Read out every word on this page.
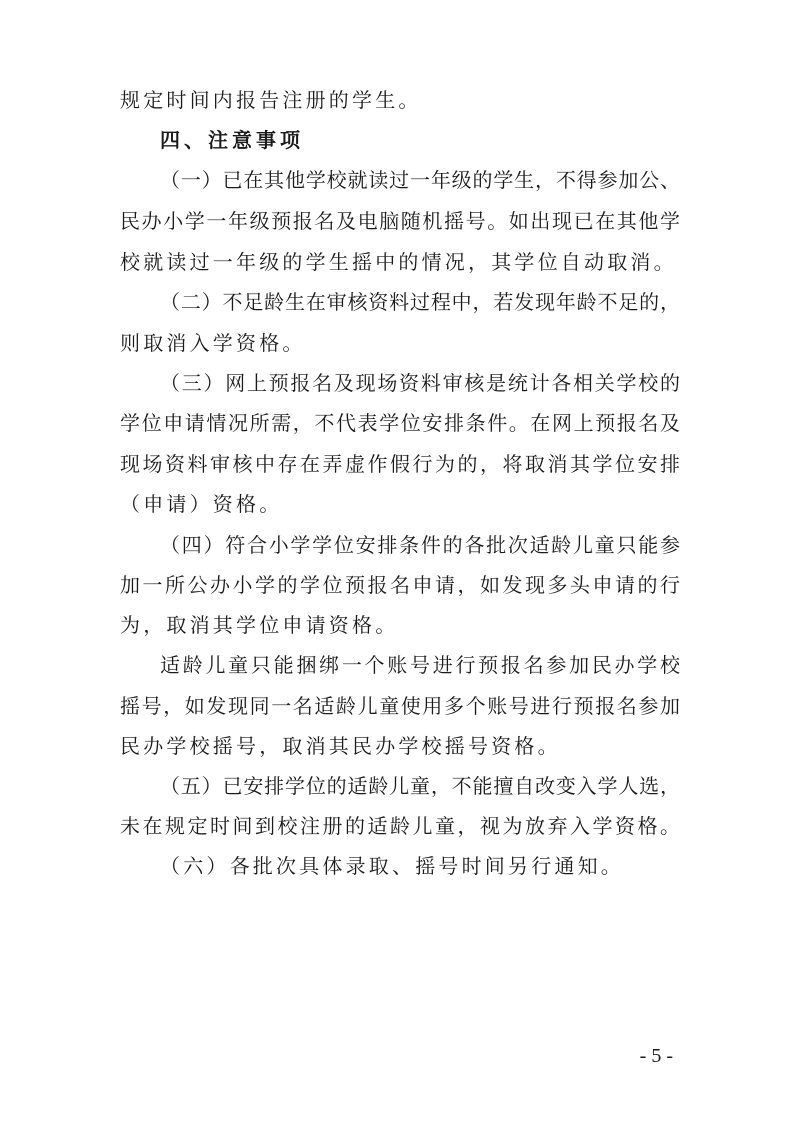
规定时间内报告注册的学生。
四、注意事项
（一）已在其他学校就读过一年级的学生，不得参加公、
民办小学一年级预报名及电脑随机摇号。如出现已在其他学
校就读过一年级的学生摇中的情况，其学位自动取消。
（二）不足龄生在审核资料过程中，若发现年龄不足的，
则取消入学资格。
（三）网上预报名及现场资料审核是统计各相关学校的
学位申请情况所需，不代表学位安排条件。在网上预报名及
现场资料审核中存在弄虚作假行为的，将取消其学位安排
（申请）资格。
（四）符合小学学位安排条件的各批次适龄儿童只能参
加一所公办小学的学位预报名申请，如发现多头申请的行
为，取消其学位申请资格。
适龄儿童只能捆绑一个账号进行预报名参加民办学校
摇号，如发现同一名适龄儿童使用多个账号进行预报名参加
民办学校摇号，取消其民办学校摇号资格。
（五）已安排学位的适龄儿童，不能擅自改变入学人选，
未在规定时间到校注册的适龄儿童，视为放弃入学资格。
（六）各批次具体录取、摇号时间另行通知。
- 5 -
